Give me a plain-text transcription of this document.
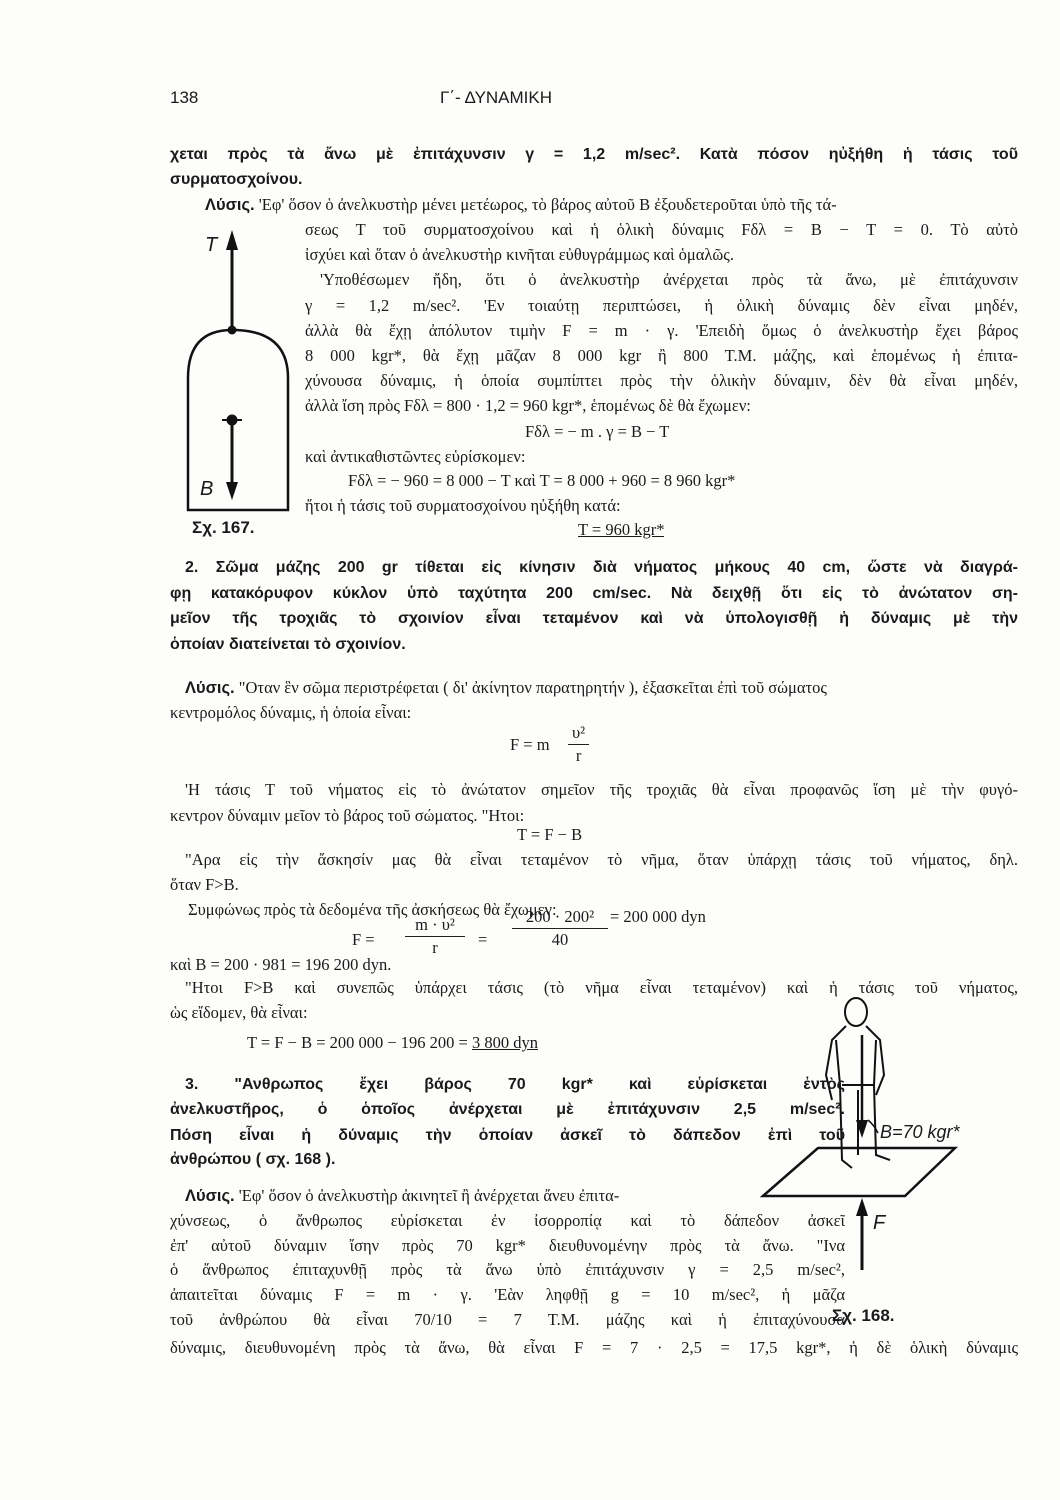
138	Γ΄- ΔΥΝΑΜΙΚΗ
T
B
Σχ. 167.
B=70 kgr*
F
Σχ. 168.
χεται πρὸς τὰ ἄνω μὲ ἐπιτάχυνσιν γ = 1,2 m/sec². Κατὰ πόσον ηὐξήθη ἡ τάσις τοῦ
συρματοσχοίνου.
Λύσις. 'Εφ' ὅσον ὁ ἀνελκυστὴρ μένει μετέωρος, τὸ βάρος αὐτοῦ Β ἐξουδετεροῦται ὑπὸ τῆς τά-
σεως Τ τοῦ συρματοσχοίνου καὶ ἡ ὁλικὴ δύναμις Fδλ = Β − Τ = 0. Τὸ αὐτὸ
ἰσχύει καὶ ὅταν ὁ ἀνελκυστὴρ κινῆται εὐθυγράμμως καὶ ὁμαλῶς.
'Υποθέσωμεν ἤδη, ὅτι ὁ ἀνελκυστὴρ ἀνέρχεται πρὸς τὰ ἄνω, μὲ ἐπιτάχυνσιν
γ = 1,2 m/sec². 'Εν τοιαύτῃ περιπτώσει, ἡ ὁλικὴ δύναμις δὲν εἶναι μηδέν,
ἀλλὰ θὰ ἔχῃ ἀπόλυτον τιμὴν F = m · γ. 'Επειδὴ ὅμως ὁ ἀνελκυστὴρ ἔχει βάρος
8 000 kgr*, θὰ ἔχῃ μᾶζαν 8 000 kgr ἢ 800 Τ.Μ. μάζης, καὶ ἑπομένως ἡ ἐπιτα-
χύνουσα δύναμις, ἡ ὁποία συμπίπτει πρὸς τὴν ὁλικὴν δύναμιν, δὲν θὰ εἶναι μηδέν,
ἀλλὰ ἴση πρὸς Fδλ = 800 · 1,2 = 960 kgr*, ἑπομένως δὲ θὰ ἔχωμεν:
Fδλ = − m . γ = Β − Τ
καὶ ἀντικαθιστῶντες εὑρίσκομεν:
Fδλ = − 960 = 8 000 − Τ καὶ Τ = 8 000 + 960 = 8 960 kgr*
ἤτοι ἡ τάσις τοῦ συρματοσχοίνου ηὐξήθη κατά:
Τ = 960 kgr*
2. Σῶμα μάζης 200 gr τίθεται εἰς κίνησιν διὰ νήματος μήκους 40 cm, ὥστε νὰ διαγρά-
φῃ κατακόρυφον κύκλον ὑπὸ ταχύτητα 200 cm/sec. Νὰ δειχθῇ ὅτι εἰς τὸ ἀνώτατον ση-
μεῖον τῆς τροχιᾶς τὸ σχοινίον εἶναι τεταμένον καὶ νὰ ὑπολογισθῇ ἡ δύναμις μὲ τὴν
ὁποίαν διατείνεται τὸ σχοινίον.
Λύσις. "Οταν ἓν σῶμα περιστρέφεται ( δι' ἀκίνητον παρατηρητήν ), ἐξασκεῖται ἐπὶ τοῦ σώματος
κεντρομόλος δύναμις, ἡ ὁποία εἶναι:
F = m $\frac{\text{υ²}}{r}$
'Η τάσις Τ τοῦ νήματος εἰς τὸ ἀνώτατον σημεῖον τῆς τροχιᾶς θὰ εἶναι προφανῶς ἴση μὲ τὴν φυγό-
κεντρον δύναμιν μεῖον τὸ βάρος τοῦ σώματος. "Ητοι:
Τ = F − Β
"Αρα εἰς τὴν ἄσκησίν μας θὰ εἶναι τεταμένον τὸ νῆμα, ὅταν ὑπάρχῃ τάσις τοῦ νήματος, δηλ.
ὅταν F>Β.
Συμφώνως πρὸς τὰ δεδομένα τῆς ἀσκήσεως θὰ ἔχωμεν:
$F = \frac{\text{m · υ²}}{r} = \frac{\text{200 · 200²}}{40} = 200$ 000 dyn
καὶ Β = 200 · 981 = 196 200 dyn.
"Ητοι F>Β καὶ συνεπῶς ὑπάρχει τάσις (τὸ νῆμα εἶναι τεταμένον) καὶ ἡ τάσις τοῦ νήματος,
ὡς εἴδομεν, θὰ εἶναι:
Τ = F − Β = 200 000 − 196 200 = 3 800 dyn
3. "Ανθρωπος ἔχει βάρος 70 kgr* καὶ εὑρίσκεται ἐντὸς
ἀνελκυστῆρος, ὁ ὁποῖος ἀνέρχεται μὲ ἐπιτάχυνσιν 2,5 m/sec².
Πόση εἶναι ἡ δύναμις τὴν ὁποίαν ἀσκεῖ τὸ δάπεδον ἐπὶ τοῦ
ἀνθρώπου ( σχ. 168 ).
Λύσις. 'Εφ' ὅσον ὁ ἀνελκυστὴρ ἀκινητεῖ ἢ ἀνέρχεται ἄνευ ἐπιτα-
χύνσεως, ὁ ἄνθρωπος εὑρίσκεται ἐν ἰσορροπίᾳ καὶ τὸ δάπεδον ἀσκεῖ
ἐπ' αὐτοῦ δύναμιν ἴσην πρὸς 70 kgr* διευθυνομένην πρὸς τὰ ἄνω. "Ινα
ὁ ἄνθρωπος ἐπιταχυνθῇ πρὸς τὰ ἄνω ὑπὸ ἐπιτάχυνσιν γ = 2,5 m/sec²,
ἀπαιτεῖται δύναμις F = m · γ. 'Εὰν ληφθῇ g = 10 m/sec², ἡ μᾶζα
τοῦ ἀνθρώπου θὰ εἶναι 70/10 = 7 Τ.Μ. μάζης καὶ ἡ ἐπιταχύνουσα
δύναμις, διευθυνομένη πρὸς τὰ ἄνω, θὰ εἶναι F = 7 · 2,5 = 17,5 kgr*, ἡ δὲ ὁλικὴ δύναμις
